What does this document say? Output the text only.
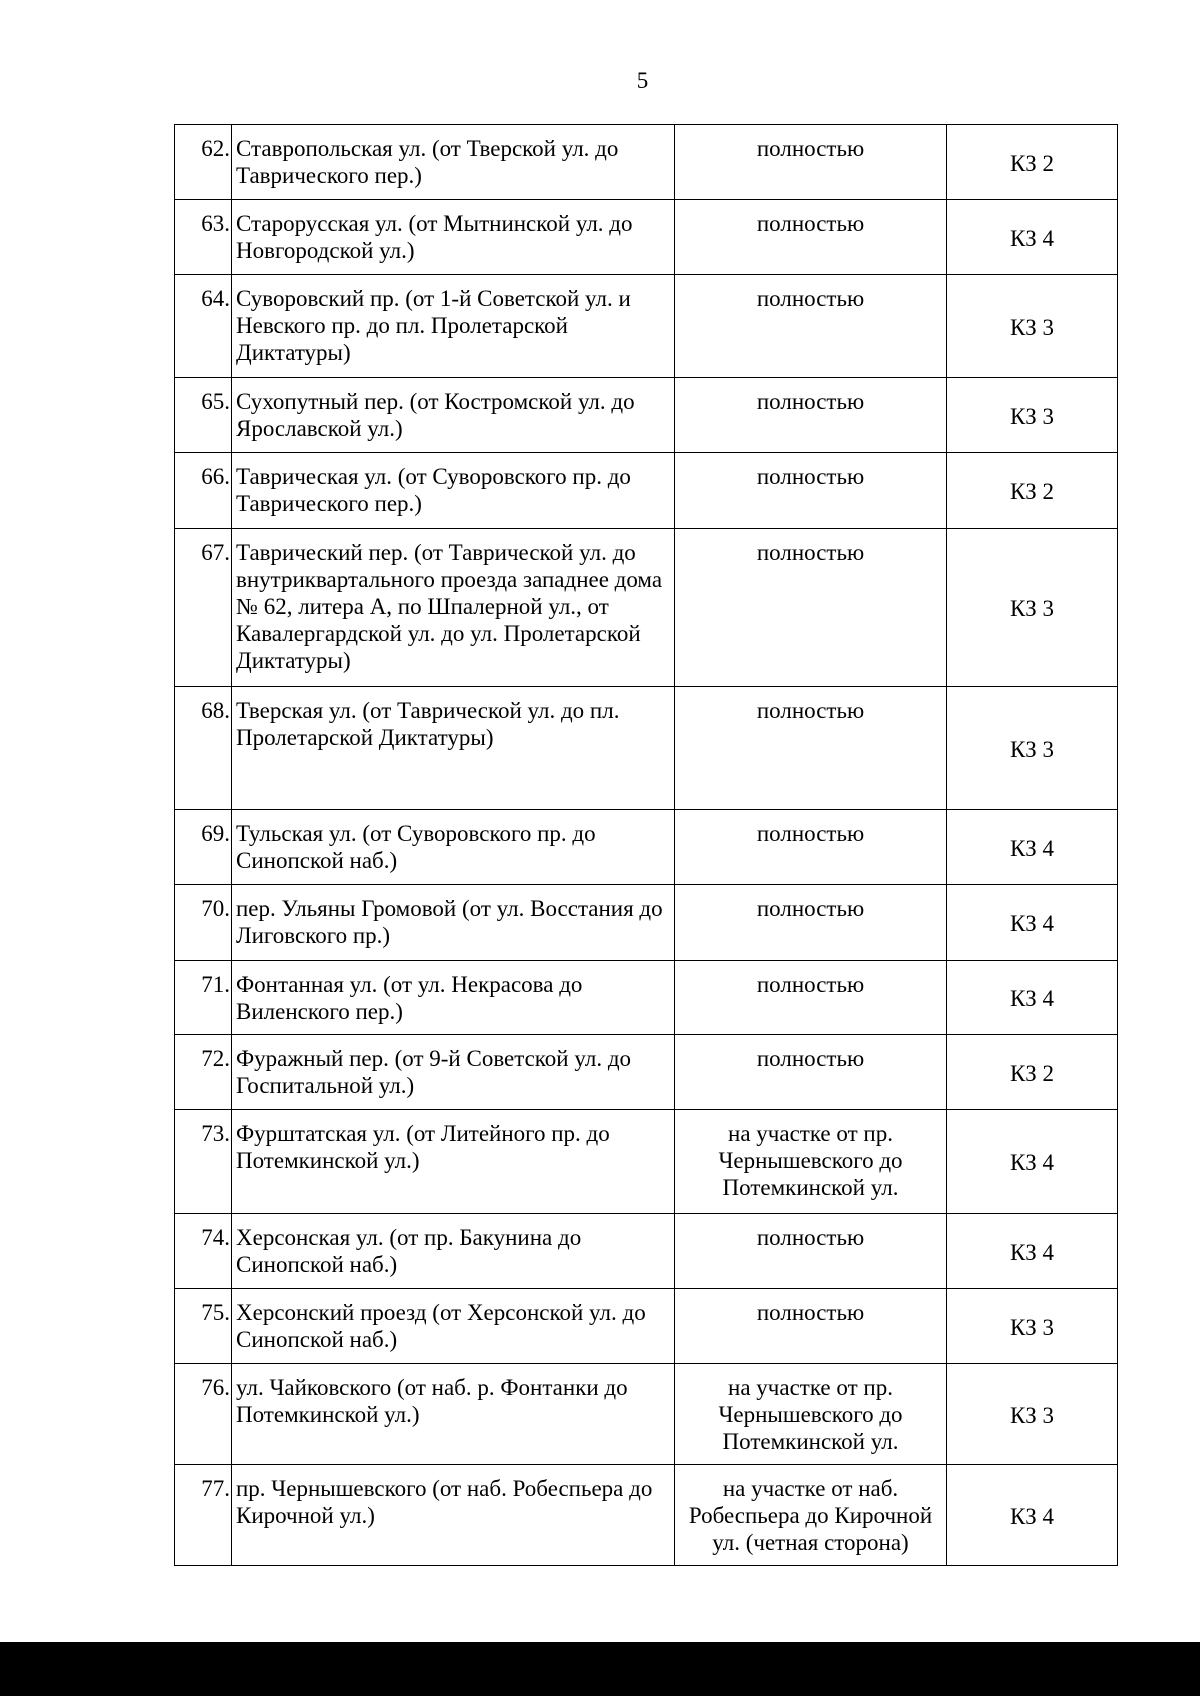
5
62.	Ставропольская ул. (от Тверской ул. до Таврического пер.)	полностью	КЗ 2
63.	Старорусская ул. (от Мытнинской ул. до Новгородской ул.)	полностью	КЗ 4
64.	Суворовский пр. (от 1-й Советской ул. и Невского пр. до пл. Пролетарской Диктатуры)	полностью	КЗ 3
65.	Сухопутный пер. (от Костромской ул. до Ярославской ул.)	полностью	КЗ 3
66.	Таврическая ул. (от Суворовского пр. до Таврического пер.)	полностью	КЗ 2
67.	Таврический пер. (от Таврической ул. до внутриквартального проезда западнее дома № 62, литера А, по Шпалерной ул., от Кавалергардской ул. до ул. Пролетарской Диктатуры)	полностью	КЗ 3
68.	Тверская ул. (от Таврической ул. до пл. Пролетарской Диктатуры)	полностью	КЗ 3
69.	Тульская ул. (от Суворовского пр. до Синопской наб.)	полностью	КЗ 4
70.	пер. Ульяны Громовой (от ул. Восстания до Лиговского пр.)	полностью	КЗ 4
71.	Фонтанная ул. (от ул. Некрасова до Виленского пер.)	полностью	КЗ 4
72.	Фуражный пер. (от 9-й Советской ул. до Госпитальной ул.)	полностью	КЗ 2
73.	Фурштатская ул. (от Литейного пр. до Потемкинской ул.)	на участке от пр. Чернышевского до Потемкинской ул.	КЗ 4
74.	Херсонская ул. (от пр. Бакунина до Синопской наб.)	полностью	КЗ 4
75.	Херсонский проезд (от Херсонской ул. до Синопской наб.)	полностью	КЗ 3
76.	ул. Чайковского (от наб. р. Фонтанки до Потемкинской ул.)	на участке от пр. Чернышевского до Потемкинской ул.	КЗ 3
77.	пр. Чернышевского (от наб. Робеспьера до Кирочной ул.)	на участке от наб. Робеспьера до Кирочной ул. (четная сторона)	КЗ 4
